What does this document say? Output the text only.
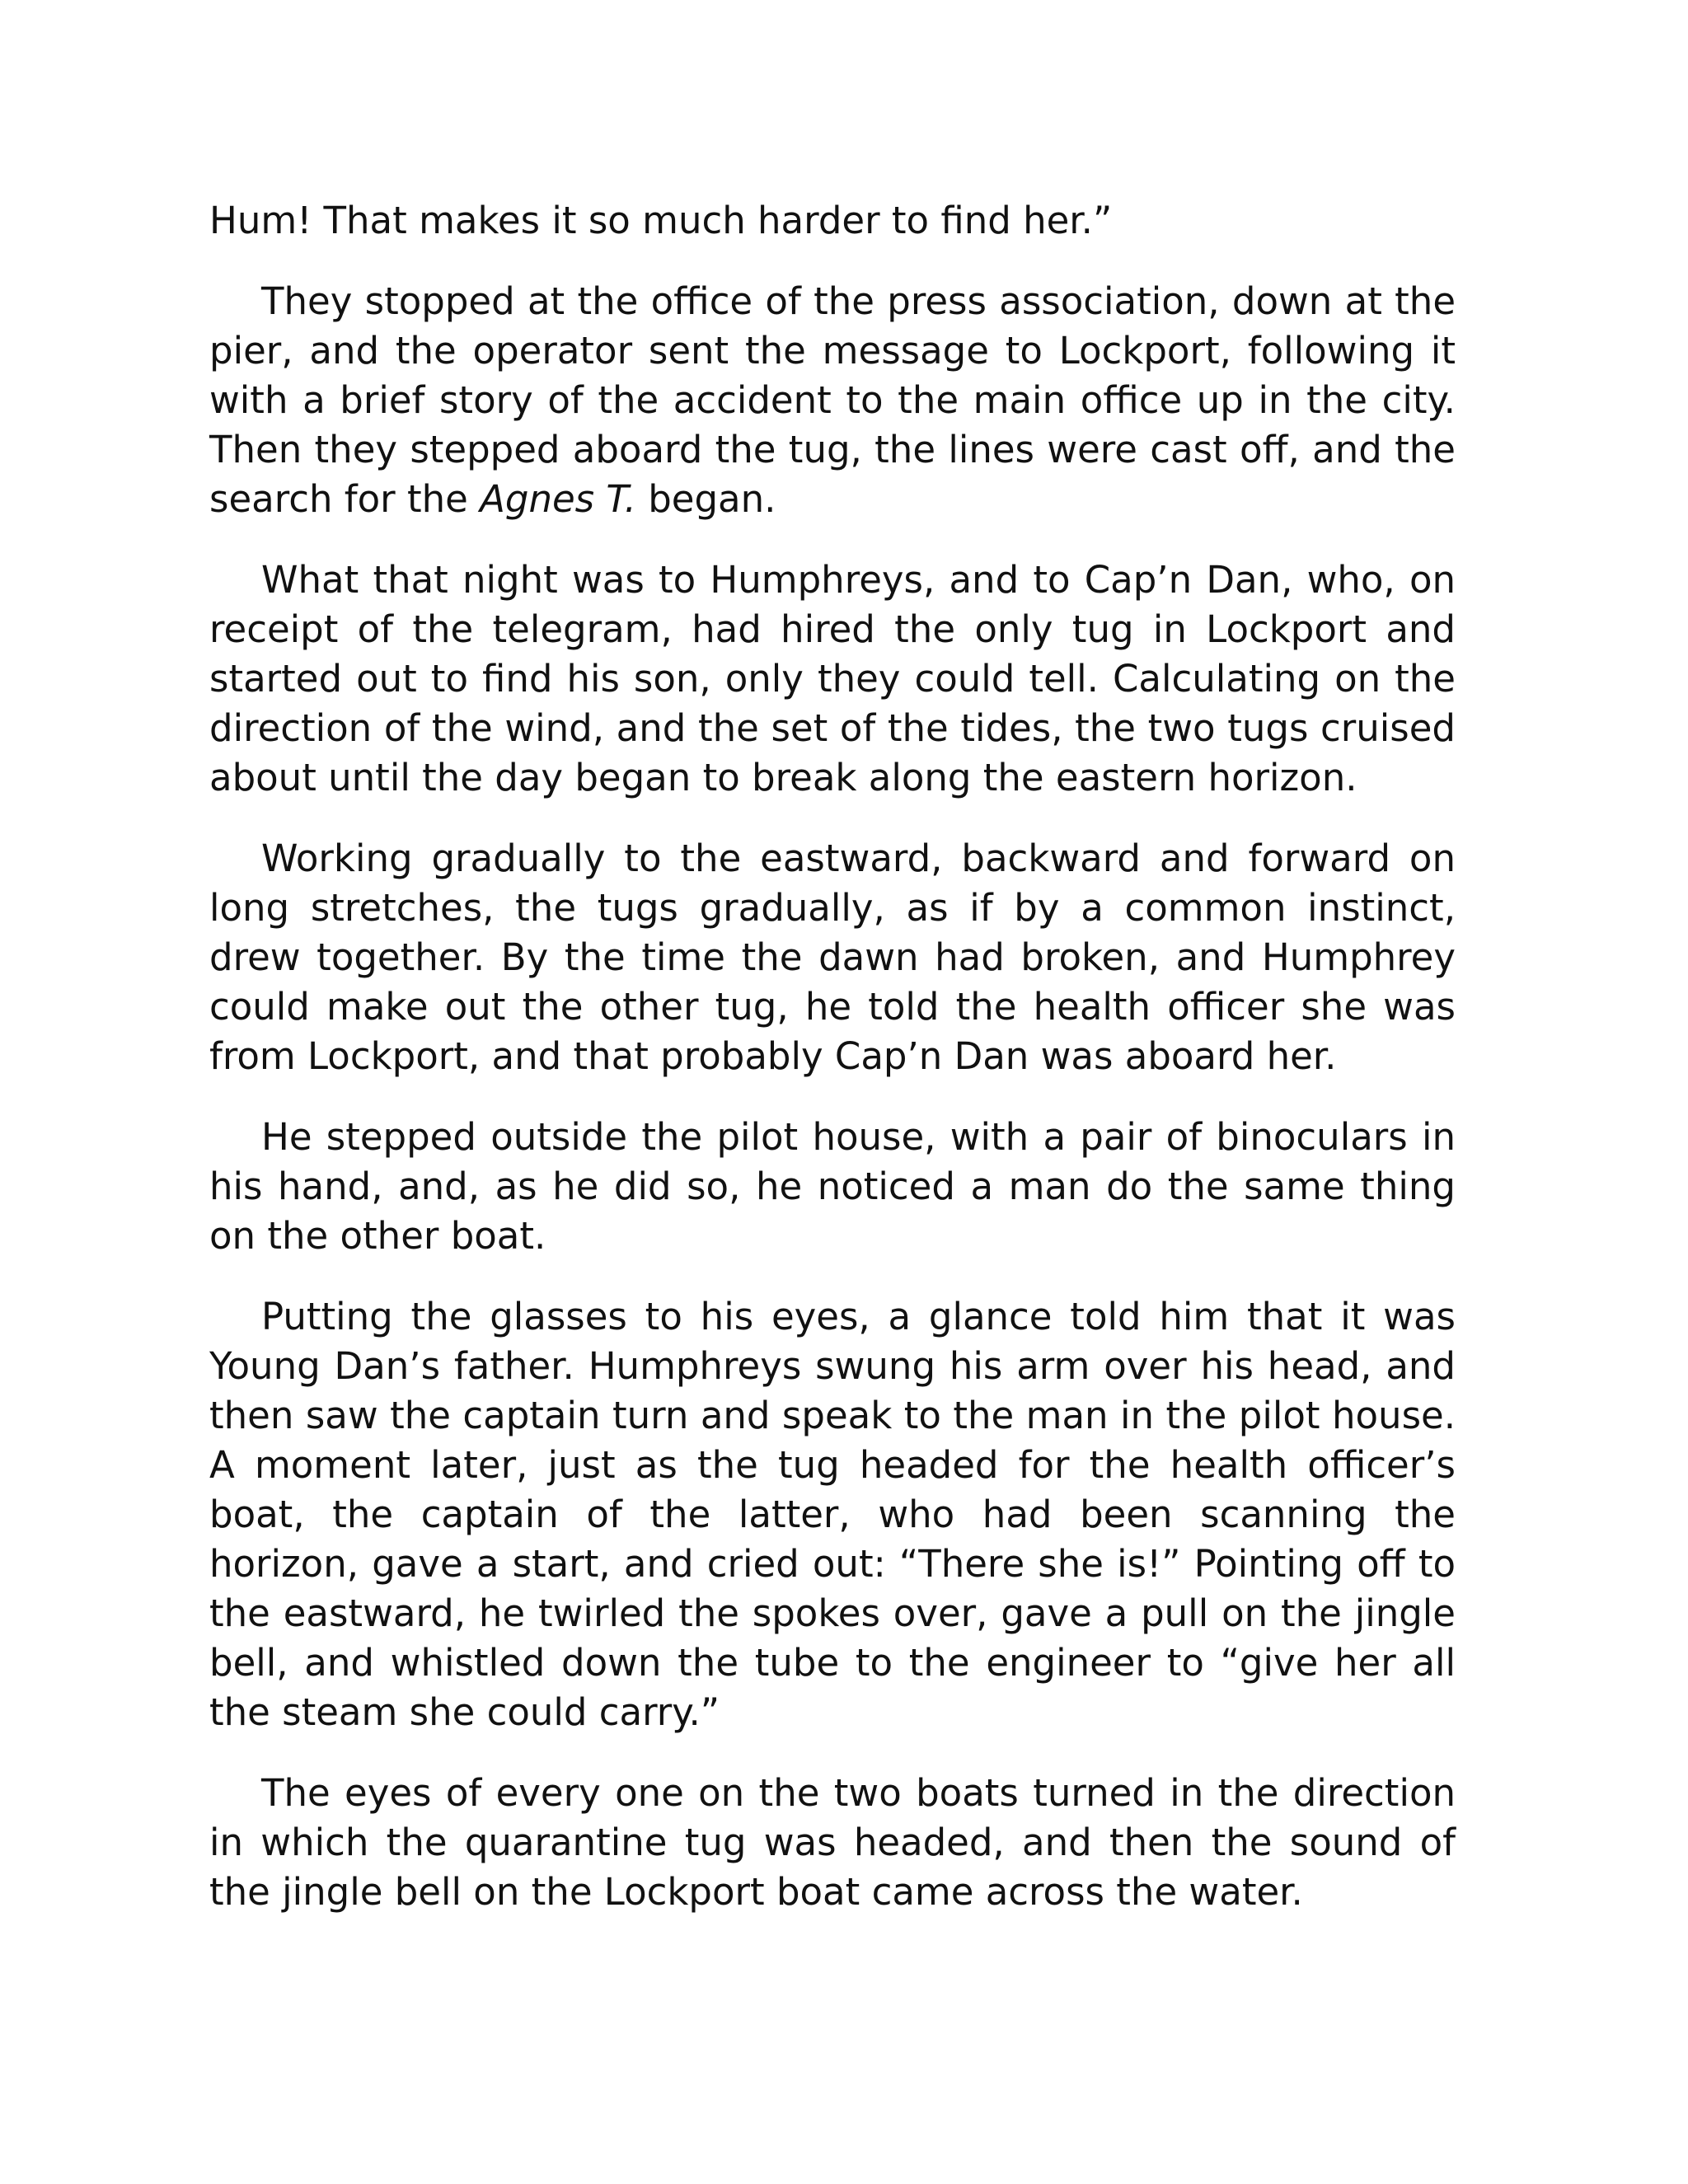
Hum! That makes it so much harder to find her.”

They stopped at the office of the press association, down at the pier, and the operator sent the message to Lockport, following it with a brief story of the accident to the main office up in the city. Then they stepped aboard the tug, the lines were cast off, and the search for the Agnes T. began.

What that night was to Humphreys, and to Cap’n Dan, who, on receipt of the telegram, had hired the only tug in Lockport and started out to find his son, only they could tell. Calculating on the direction of the wind, and the set of the tides, the two tugs cruised about until the day began to break along the eastern horizon.

Working gradually to the eastward, backward and forward on long stretches, the tugs gradually, as if by a common instinct, drew together. By the time the dawn had broken, and Humphrey could make out the other tug, he told the health officer she was from Lockport, and that probably Cap’n Dan was aboard her.

He stepped outside the pilot house, with a pair of binoculars in his hand, and, as he did so, he noticed a man do the same thing on the other boat.

Putting the glasses to his eyes, a glance told him that it was Young Dan’s father. Humphreys swung his arm over his head, and then saw the captain turn and speak to the man in the pilot house. A moment later, just as the tug headed for the health officer’s boat, the captain of the latter, who had been scanning the horizon, gave a start, and cried out: “There she is!” Pointing off to the eastward, he twirled the spokes over, gave a pull on the jingle bell, and whistled down the tube to the engineer to “give her all the steam she could carry.”

The eyes of every one on the two boats turned in the direction in which the quarantine tug was headed, and then the sound of the jingle bell on the Lockport boat came across the water.
